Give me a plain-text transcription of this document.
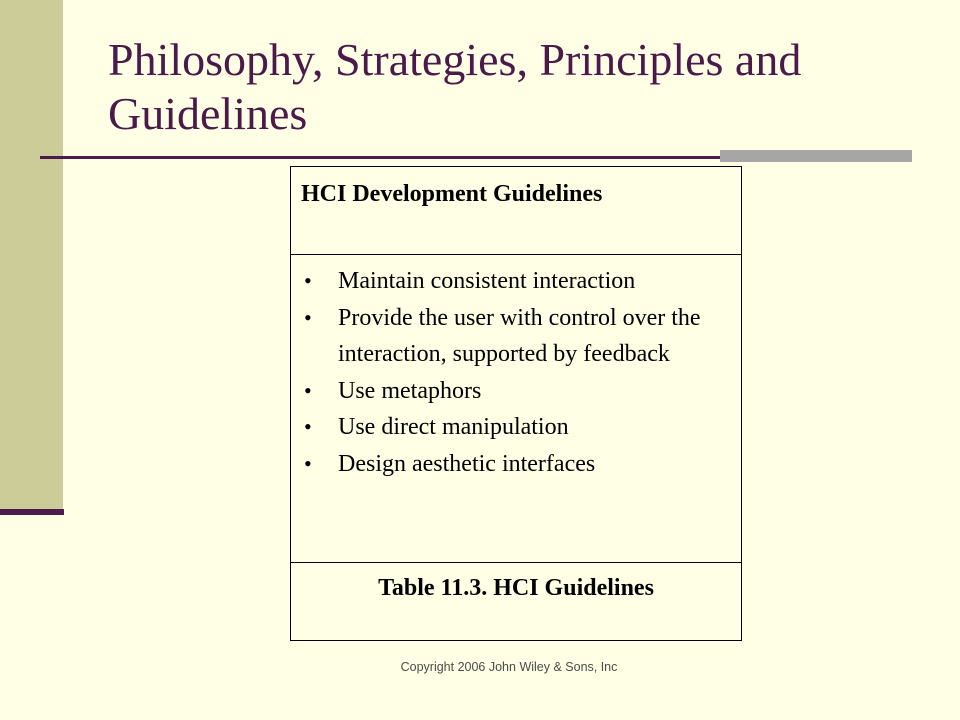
Philosophy, Strategies, Principles and Guidelines
HCI Development Guidelines
• Maintain consistent interaction
• Provide the user with control over the interaction, supported by feedback
• Use metaphors
• Use direct manipulation
• Design aesthetic interfaces
Table 11.3. HCI Guidelines
Copyright 2006 John Wiley & Sons, Inc
